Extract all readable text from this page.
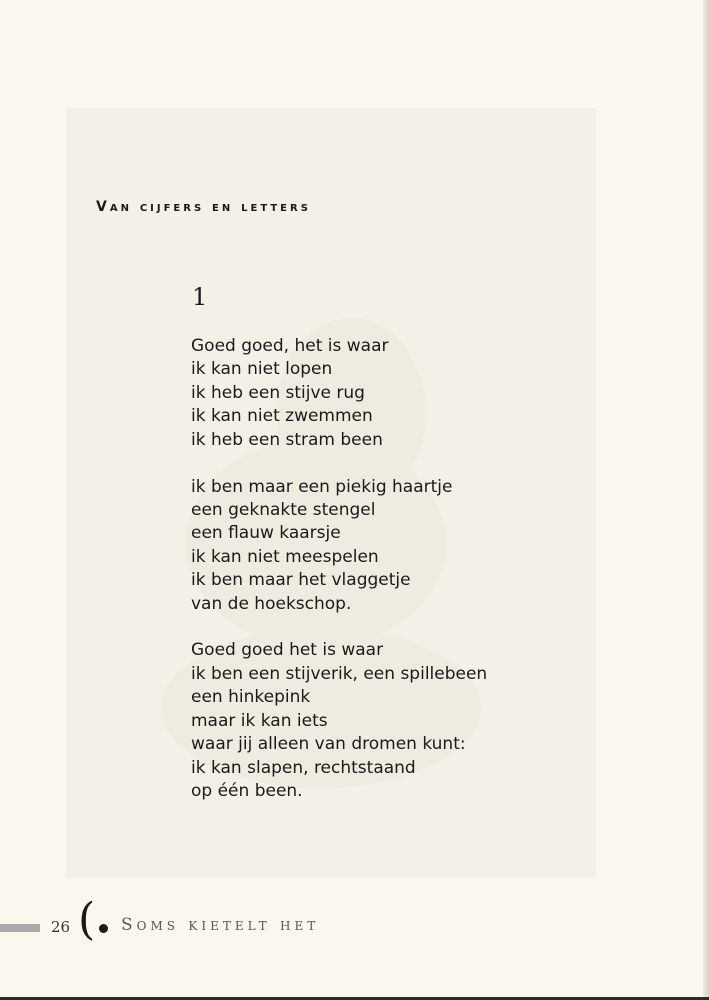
Van cijfers en letters
1
Goed goed, het is waar
ik kan niet lopen
ik heb een stijve rug
ik kan niet zwemmen
ik heb een stram been
ik ben maar een piekig haartje
een geknakte stengel
een flauw kaarsje
ik kan niet meespelen
ik ben maar het vlaggetje
van de hoekschop.
Goed goed het is waar
ik ben een stijverik, een spillebeen
een hinkepink
maar ik kan iets
waar jij alleen van dromen kunt:
ik kan slapen, rechtstaand
op één been.
26 ( Soms kietelt het
